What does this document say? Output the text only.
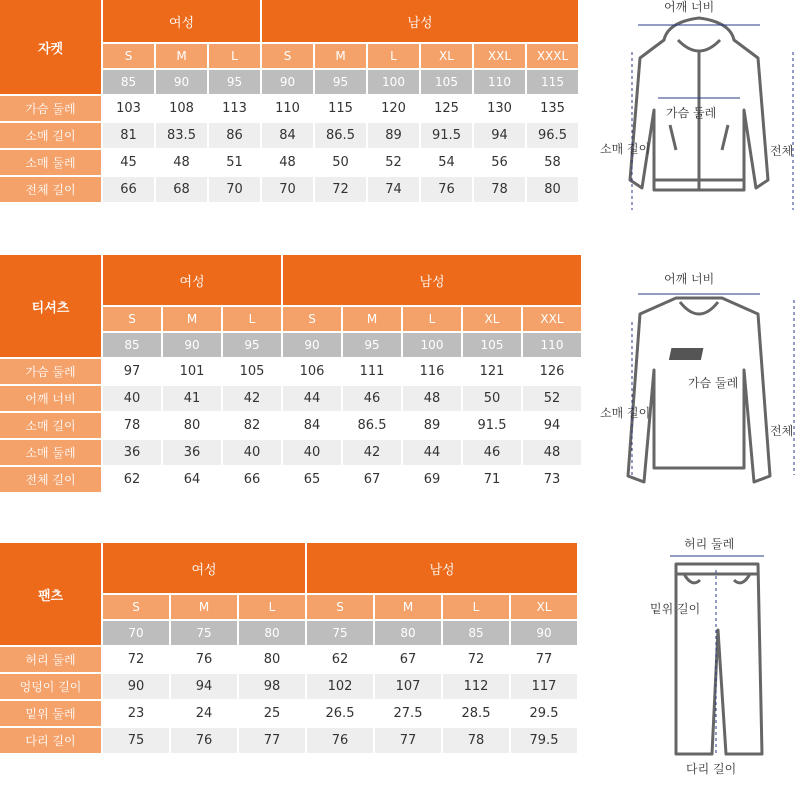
자켓
여성	남성
S	M	L	S	M	L	XL	XXL	XXXL
85	90	95	90	95	100	105	110	115
가슴 둘레	103	108	113	110	115	120	125	130	135
소매 길이	81	83.5	86	84	86.5	89	91.5	94	96.5
소매 둘레	45	48	51	48	50	52	54	56	58
전체 길이	66	68	70	70	72	74	76	78	80
티셔츠
여성	남성
S	M	L	S	M	L	XL	XXL
85	90	95	90	95	100	105	110
가슴 둘레	97	101	105	106	111	116	121	126
어깨 너비	40	41	42	44	46	48	50	52
소매 길이	78	80	82	84	86.5	89	91.5	94
소매 둘레	36	36	40	40	42	44	46	48
전체 길이	62	64	66	65	67	69	71	73
팬츠
여성	남성
S	M	L	S	M	L	XL
70	75	80	75	80	85	90
허리 둘레	72	76	80	62	67	72	77
엉덩이 길이	90	94	98	102	107	112	117
밑위 둘레	23	24	25	26.5	27.5	28.5	29.5
다리 길이	75	76	77	76	77	78	79.5
어깨 너비
가슴 둘레
소매 길이	전체
어깨 너비
가슴 둘레
소매 길이
전체
허리 둘레
밑위 길이
다리 길이
